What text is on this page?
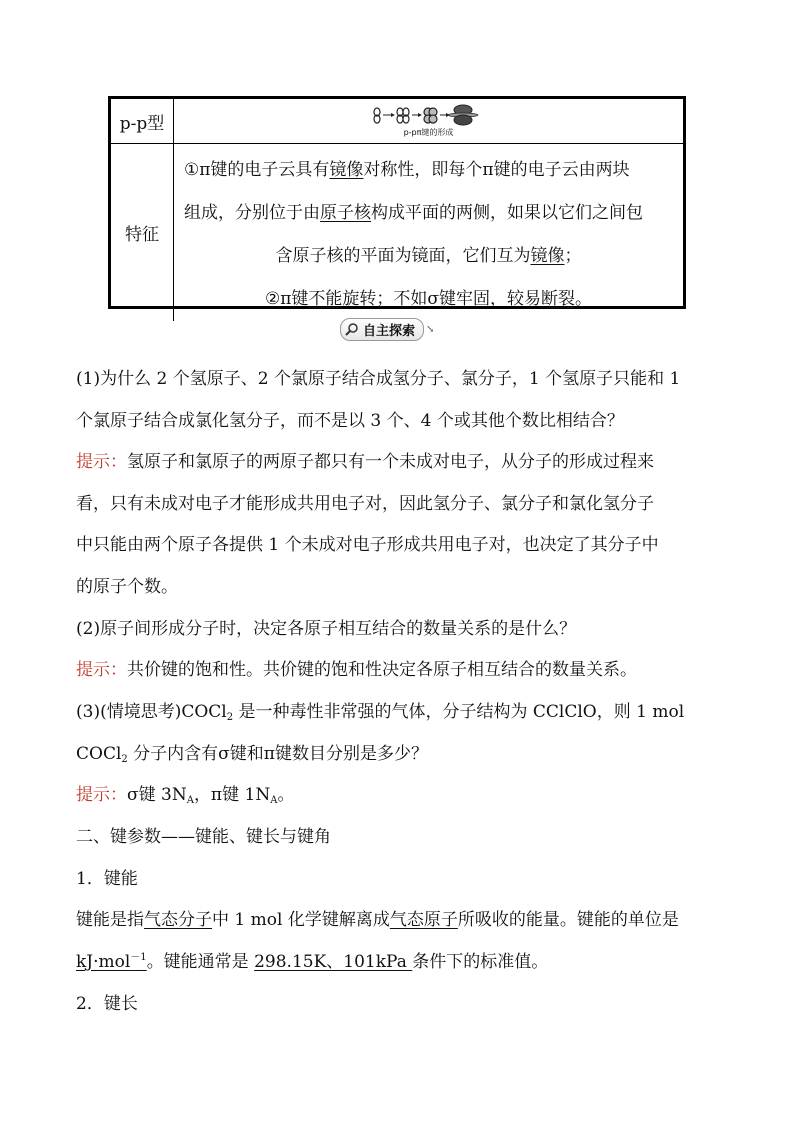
p-p型	p-pπ键的形成
特征

①π键的电子云具有镜像对称性，即每个π键的电子云由两块

组成，分别位于由原子核构成平面的两侧，如果以它们之间包

含原子核的平面为镜面，它们互为镜像；

②π键不能旋转；不如σ键牢固，较易断裂。

自主探索 ↘
(1)为什么 2 个氢原子、2 个氯原子结合成氢分子、氯分子，1 个氢原子只能和 1
个氯原子结合成氯化氢分子，而不是以 3 个、4 个或其他个数比相结合？
提示：氢原子和氯原子的两原子都只有一个未成对电子，从分子的形成过程来
看，只有未成对电子才能形成共用电子对，因此氢分子、氯分子和氯化氢分子
中只能由两个原子各提供 1 个未成对电子形成共用电子对，也决定了其分子中
的原子个数。
(2)原子间形成分子时，决定各原子相互结合的数量关系的是什么？
提示：共价键的饱和性。共价键的饱和性决定各原子相互结合的数量关系。
(3)(情境思考)COCl$_2$ 是一种毒性非常强的气体，分子结构为 CClClO，则 1 mol
COCl$_2$ 分子内含有σ键和π键数目分别是多少？
提示：σ键 $3N_A$，π键 $1N_A$。
二、键参数——键能、键长与键角
1．键能
键能是指气态分子中 1 mol 化学键解离成气态原子所吸收的能量。键能的单位是
kJ·mol$^{-1}$。键能通常是 298.15K、101kPa 条件下的标准值。
2．键长
